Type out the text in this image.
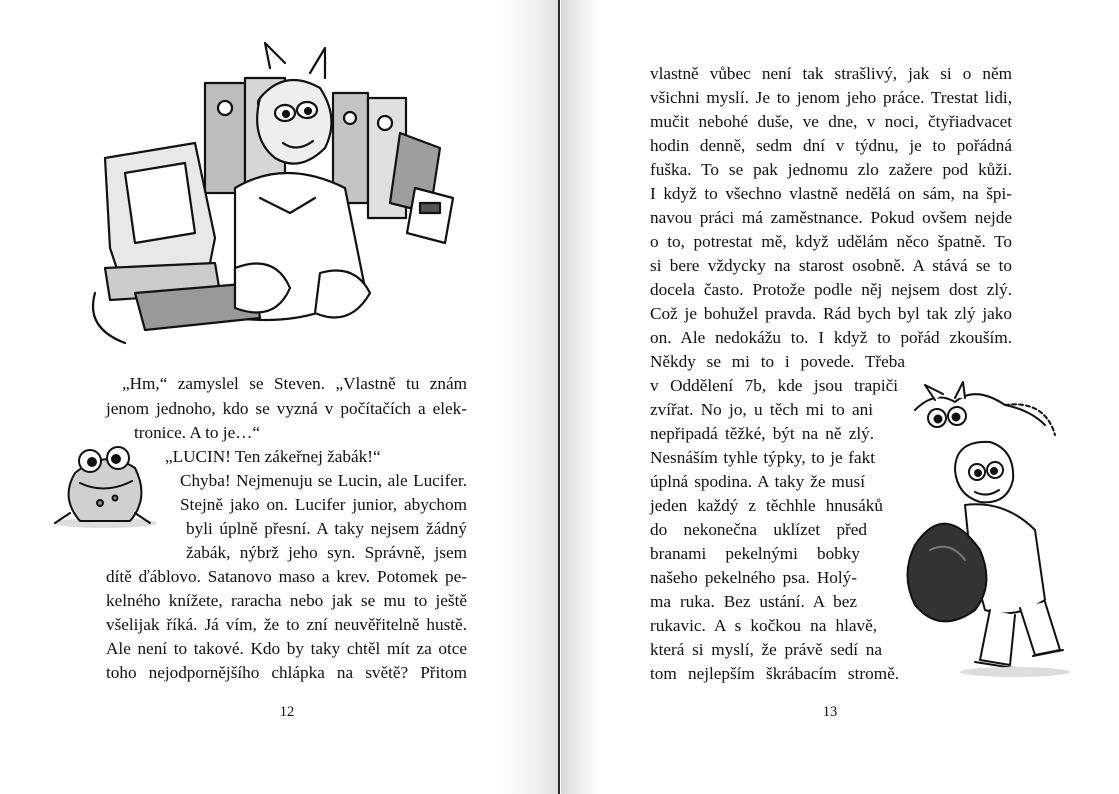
„Hm,“ zamyslel se Steven. „Vlastně tu znám
jenom jednoho, kdo se vyzná v počítačích a elek-
tronice. A to je…“
„LUCIN! Ten zákeřnej žabák!“
Chyba! Nejmenuju se Lucin, ale Lucifer.
Stejně jako on. Lucifer junior, abychom
byli úplně přesní. A taky nejsem žádný
žabák, nýbrž jeho syn. Správně, jsem
dítě ďáblovo. Satanovo maso a krev. Potomek pe-
kelného knížete, raracha nebo jak se mu to ještě
všelijak říká. Já vím, že to zní neuvěřitelně hustě.
Ale není to takové. Kdo by taky chtěl mít za otce
toho nejodpornějšího chlápka na světě? Přitom
12
vlastně vůbec není tak strašlivý, jak si o něm
všichni myslí. Je to jenom jeho práce. Trestat lidi,
mučit nebohé duše, ve dne, v noci, čtyřiadvacet
hodin denně, sedm dní v týdnu, je to pořádná
fuška. To se pak jednomu zlo zažere pod kůži.
I když to všechno vlastně nedělá on sám, na špi-
navou práci má zaměstnance. Pokud ovšem nejde
o to, potrestat mě, když udělám něco špatně. To
si bere vždycky na starost osobně. A stává se to
docela často. Protože podle něj nejsem dost zlý.
Což je bohužel pravda. Rád bych byl tak zlý jako
on. Ale nedokážu to. I když to pořád zkouším.
Někdy se mi to i povede. Třeba
v Oddělení 7b, kde jsou trapiči
zvířat. No jo, u těch mi to ani
nepřipadá těžké, být na ně zlý.
Nesnáším tyhle týpky, to je fakt
úplná spodina. A taky že musí
jeden každý z těchhle hnusáků
do nekonečna uklízet před
branami pekelnými bobky
našeho pekelného psa. Holý-
ma ruka. Bez ustání. A bez
rukavic. A s kočkou na hlavě,
která si myslí, že právě sedí na
tom nejlepším škrábacím stromě.
13
